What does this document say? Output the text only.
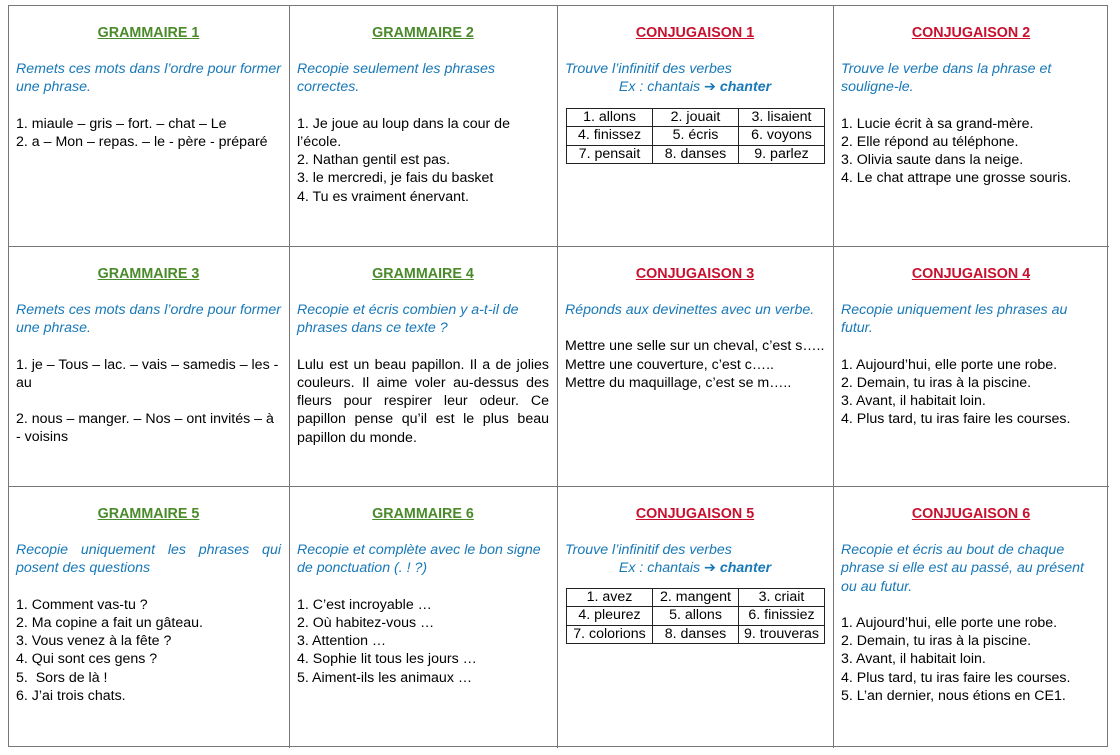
GRAMMAIRE 1
Remets ces mots dans l’ordre pour former une phrase.
1. miaule – gris – fort. – chat – Le
2. a – Mon – repas. – le - père - préparé
GRAMMAIRE 2
Recopie seulement les phrases correctes.
1. Je joue au loup dans la cour de l’école.
2. Nathan gentil est pas.
3. le mercredi, je fais du basket
4. Tu es vraiment énervant.
CONJUGAISON 1
Trouve l’infinitif des verbes
Ex : chantais ➔ chanter
1. allons	2. jouait	3. lisaient
4. finissez	5. écris	6. voyons
7. pensait	8. danses	9. parlez
CONJUGAISON 2
Trouve le verbe dans la phrase et souligne-le.
1. Lucie écrit à sa grand-mère.
2. Elle répond au téléphone.
3. Olivia saute dans la neige.
4. Le chat attrape une grosse souris.
GRAMMAIRE 3
Remets ces mots dans l’ordre pour former une phrase.
1. je – Tous – lac. – vais – samedis – les - au
2. nous – manger. – Nos – ont invités – à - voisins
GRAMMAIRE 4
Recopie et écris combien y a-t-il de phrases dans ce texte ?
Lulu est un beau papillon. Il a de jolies couleurs. Il aime voler au-dessus des fleurs pour respirer leur odeur. Ce papillon pense qu’il est le plus beau papillon du monde.
CONJUGAISON 3
Réponds aux devinettes avec un verbe.
Mettre une selle sur un cheval, c’est s…..
Mettre une couverture, c’est c…..
Mettre du maquillage, c’est se m…..
CONJUGAISON 4
Recopie uniquement les phrases au futur.
1. Aujourd’hui, elle porte une robe.
2. Demain, tu iras à la piscine.
3. Avant, il habitait loin.
4. Plus tard, tu iras faire les courses.
GRAMMAIRE 5
Recopie uniquement les phrases qui posent des questions
1. Comment vas-tu ?
2. Ma copine a fait un gâteau.
3. Vous venez à la fête ?
4. Qui sont ces gens ?
5.  Sors de là !
6. J’ai trois chats.
GRAMMAIRE 6
Recopie et complète avec le bon signe de ponctuation (. ! ?)
1. C’est incroyable …
2. Où habitez-vous …
3. Attention …
4. Sophie lit tous les jours …
5. Aiment-ils les animaux …
CONJUGAISON 5
Trouve l’infinitif des verbes
Ex : chantais ➔ chanter
1. avez	2. mangent	3. criait
4. pleurez	5. allons	6. finissiez
7. colorions	8. danses	9. trouveras
CONJUGAISON 6
Recopie et écris au bout de chaque phrase si elle est au passé, au présent ou au futur.
1. Aujourd’hui, elle porte une robe.
2. Demain, tu iras à la piscine.
3. Avant, il habitait loin.
4. Plus tard, tu iras faire les courses.
5. L’an dernier, nous étions en CE1.
